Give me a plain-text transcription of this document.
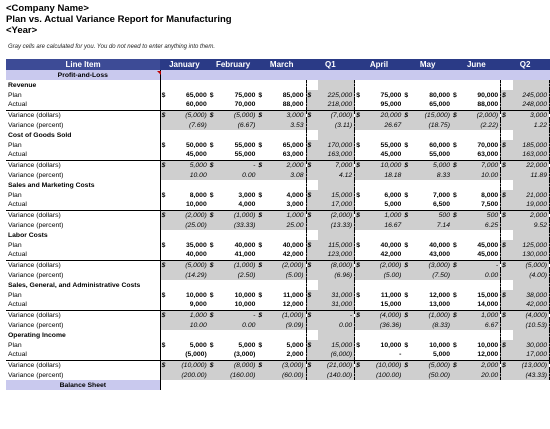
<Company Name>
Plan vs. Actual Variance Report for Manufacturing
<Year>
Gray cells are calculated for you. You do not need to enter anything into them.
Line Item	January		February		March		Q1		April		May		June		Q2	
Profit-and-Loss																
Revenue																
Plan	$	65,000	$	75,000	$	85,000	$	225,000	$	75,000	$	80,000	$	90,000	$	245,000
Actual		60,000		70,000		88,000		218,000		95,000		65,000		88,000		248,000
Variance (dollars)	$	(5,000)	$	(5,000)	$	3,000	$	(7,000)	$	20,000	$	(15,000)	$	(2,000)	$	3,000
Variance (percent)		(7.69)		(6.67)		3.53		(3.11)		26.67		(18.75)		(2.22)		1.22
Cost of Goods Sold																
Plan	$	50,000	$	55,000	$	65,000	$	170,000	$	55,000	$	60,000	$	70,000	$	185,000
Actual		45,000		55,000		63,000		163,000		45,000		55,000		63,000		163,000
Variance (dollars)	$	5,000	$	-	$	2,000	$	7,000	$	10,000	$	5,000	$	7,000	$	22,000
Variance (percent)		10.00		0.00		3.08		4.12		18.18		8.33		10.00		11.89
Sales and Marketing Costs																
Plan	$	8,000	$	3,000	$	4,000	$	15,000	$	6,000	$	7,000	$	8,000	$	21,000
Actual		10,000		4,000		3,000		17,000		5,000		6,500		7,500		19,000
Variance (dollars)	$	(2,000)	$	(1,000)	$	1,000	$	(2,000)	$	1,000	$	500	$	500	$	2,000
Variance (percent)		(25.00)		(33.33)		25.00		(13.33)		16.67		7.14		6.25		9.52
Labor Costs																
Plan	$	35,000	$	40,000	$	40,000	$	115,000	$	40,000	$	40,000	$	45,000	$	125,000
Actual		40,000		41,000		42,000		123,000		42,000		43,000		45,000		130,000
Variance (dollars)	$	(5,000)	$	(1,000)	$	(2,000)	$	(8,000)	$	(2,000)	$	(3,000)	$	-	$	(5,000)
Variance (percent)		(14.29)		(2.50)		(5.00)		(6.96)		(5.00)		(7.50)		0.00		(4.00)
Sales, General, and Administrative Costs																
Plan	$	10,000	$	10,000	$	11,000	$	31,000	$	11,000	$	12,000	$	15,000	$	38,000
Actual		9,000		10,000		12,000		31,000		15,000		13,000		14,000		42,000
Variance (dollars)	$	1,000	$	-	$	(1,000)	$	-	$	(4,000)	$	(1,000)	$	1,000	$	(4,000)
Variance (percent)		10.00		0.00		(9.09)		0.00		(36.36)		(8.33)		6.67		(10.53)
Operating Income																
Plan	$	5,000	$	5,000	$	5,000	$	15,000	$	10,000	$	10,000	$	10,000	$	30,000
Actual		(5,000)		(3,000)		2,000		(6,000)		-		5,000		12,000		17,000
Variance (dollars)	$	(10,000)	$	(8,000)	$	(3,000)	$	(21,000)	$	(10,000)	$	(5,000)	$	2,000	$	(13,000)
Variance (percent)		(200.00)		(160.00)		(60.00)		(140.00)		(100.00)		(50.00)		20.00		(43.33)
Balance Sheet																
